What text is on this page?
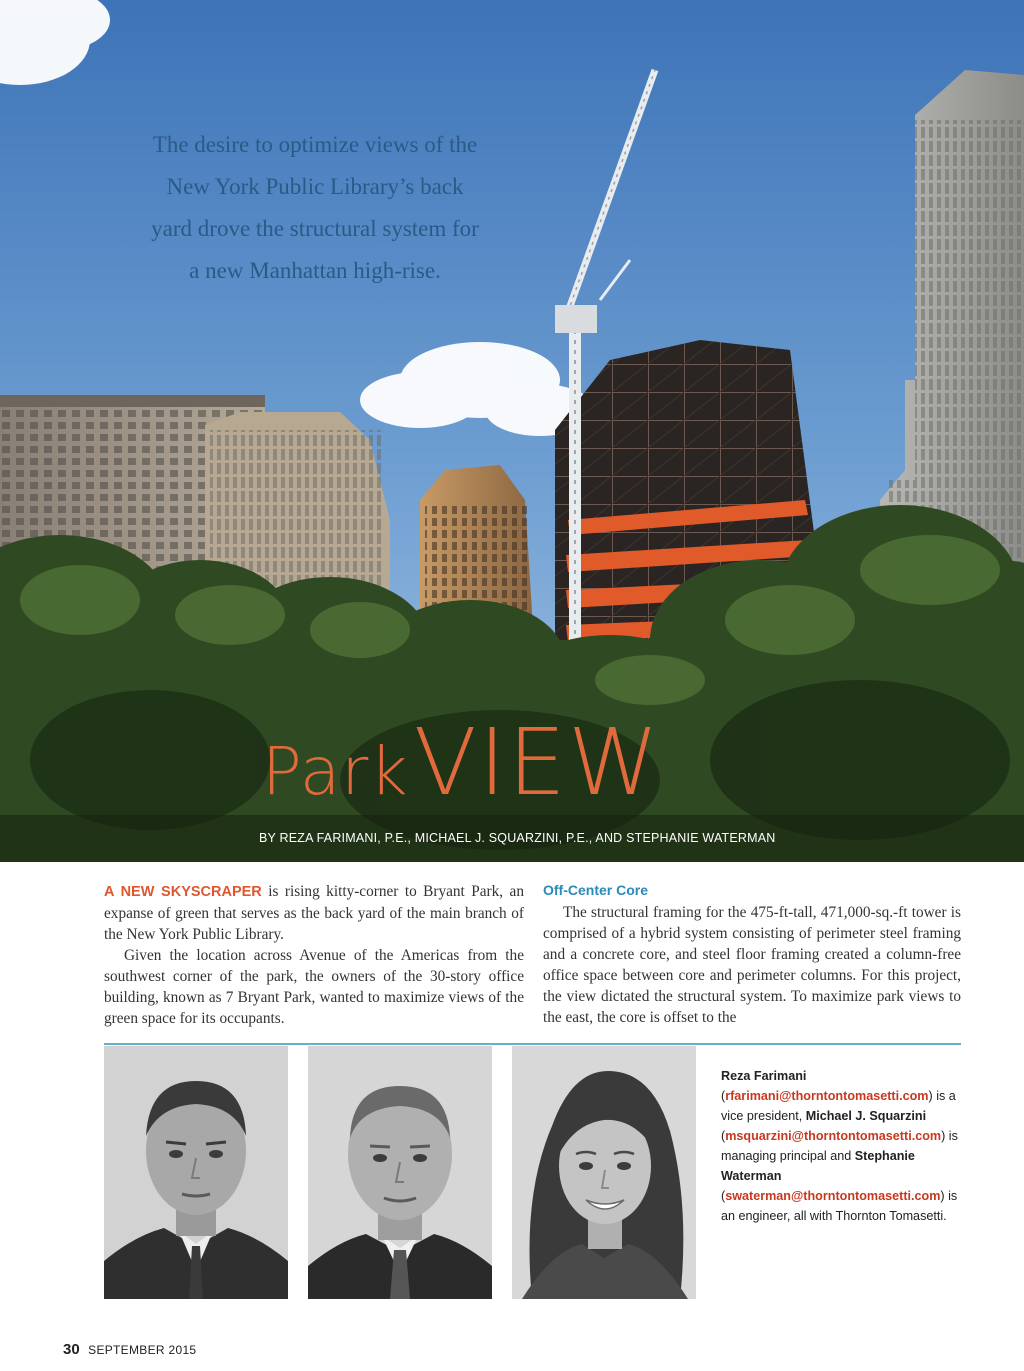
The desire to optimize views of the
New York Public Library’s back
yard drove the structural system for
a new Manhattan high-rise.
Park VIEW
BY REZA FARIMANI, P.E., MICHAEL J. SQUARZINI, P.E., AND STEPHANIE WATERMAN

A NEW SKYSCRAPER is rising kitty-corner to Bryant Park, an expanse of green that serves as the back yard of the main branch of the New York Public Library.

Given the location across Avenue of the Americas from the southwest corner of the park, the owners of the 30-story office building, known as 7 Bryant Park, wanted to maximize views of the green space for its occupants.

Off-Center Core

The structural framing for the 475-ft-tall, 471,000-sq.-ft tower is comprised of a hybrid system consisting of perimeter steel framing and a concrete core, and steel floor framing created a column-free office space between core and perimeter columns. For this project, the view dictated the structural system. To maximize park views to the east, the core is offset to the

Reza Farimani (rfarimani@thorntontomasetti.com) is a vice president, Michael J. Squarzini (msquarzini@thorntontomasetti.com) is managing principal and Stephanie Waterman (swaterman@thorntontomasetti.com) is an engineer, all with Thornton Tomasetti.
30 SEPTEMBER 2015
